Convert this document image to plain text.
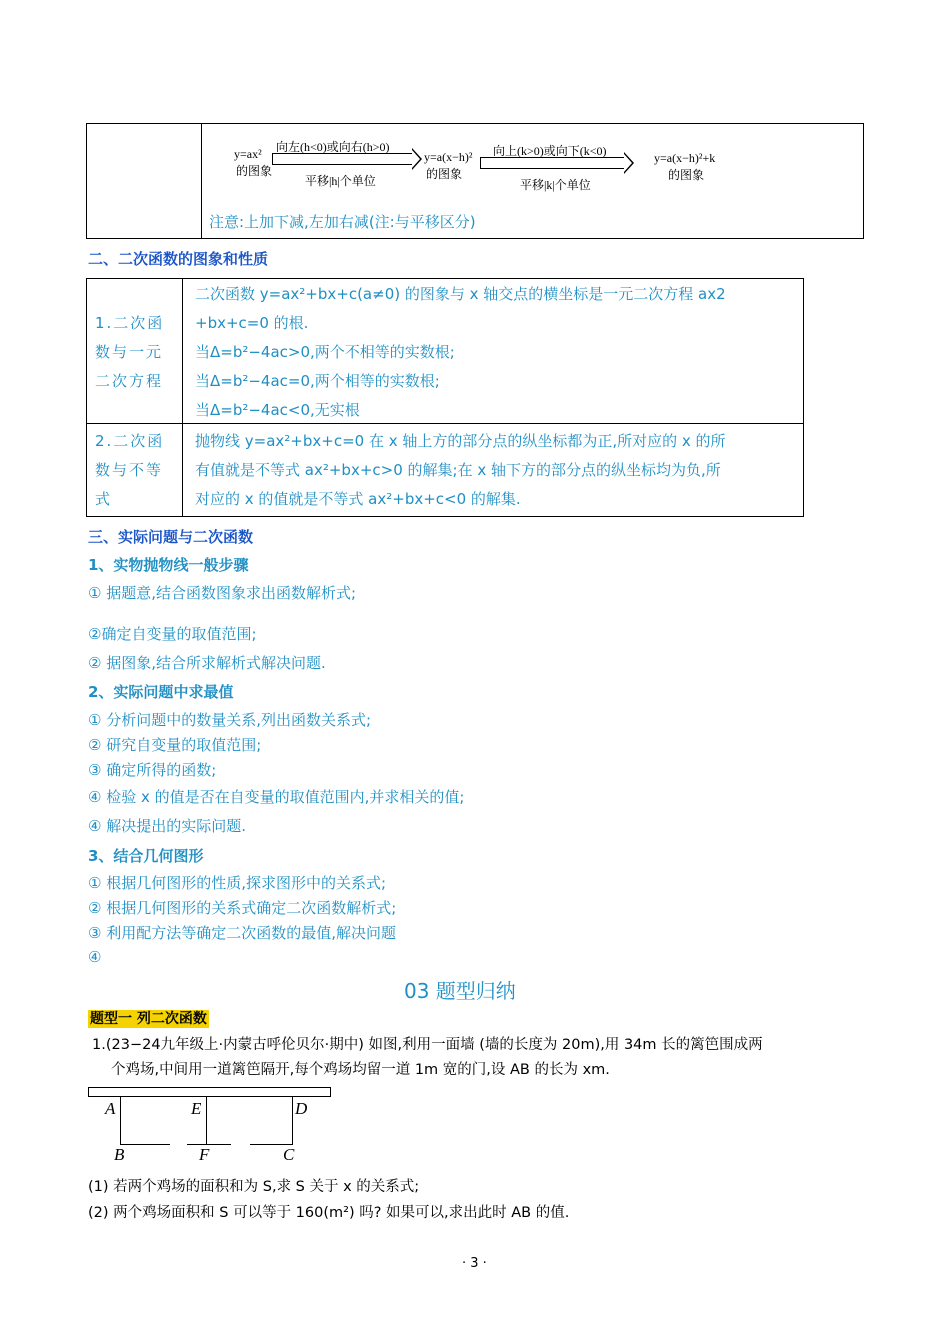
y=ax²
的图象
向左(h<0)或向右(h>0)
平移|h|个单位
y=a(x−h)²
的图象
向上(k>0)或向下(k<0)
平移|k|个单位
y=a(x−h)²+k
的图象
注意:上加下减,左加右减(注:与平移区分)
二、二次函数的图象和性质
1.二次函
数与一元
二次方程
二次函数 y=ax²+bx+c(a≠0) 的图象与 x 轴交点的横坐标是一元二次方程 ax2
+bx+c=0 的根.
当Δ=b²−4ac>0,两个不相等的实数根;
当Δ=b²−4ac=0,两个相等的实数根;
当Δ=b²−4ac<0,无实根
2.二次函
数与不等
式
抛物线 y=ax²+bx+c=0 在 x 轴上方的部分点的纵坐标都为正,所对应的 x 的所
有值就是不等式 ax²+bx+c>0 的解集;在 x 轴下方的部分点的纵坐标均为负,所
对应的 x 的值就是不等式 ax²+bx+c<0 的解集.
三、实际问题与二次函数
1、实物抛物线一般步骤
① 据题意,结合函数图象求出函数解析式;
②确定自变量的取值范围;
② 据图象,结合所求解析式解决问题.
2、实际问题中求最值
① 分析问题中的数量关系,列出函数关系式;
② 研究自变量的取值范围;
③ 确定所得的函数;
④ 检验 x 的值是否在自变量的取值范围内,并求相关的值;
④ 解决提出的实际问题.
3、结合几何图形
① 根据几何图形的性质,探求图形中的关系式;
② 根据几何图形的关系式确定二次函数解析式;
③ 利用配方法等确定二次函数的最值,解决问题
④
03 题型归纳
题型一 列二次函数
1.(23−24九年级上·内蒙古呼伦贝尔·期中) 如图,利用一面墙 (墙的长度为 20m),用 34m 长的篱笆围成两
个鸡场,中间用一道篱笆隔开,每个鸡场均留一道 1m 宽的门,设 AB 的长为 xm.
A	E	D
B	F	C
(1) 若两个鸡场的面积和为 S,求 S 关于 x 的关系式;
(2) 两个鸡场面积和 S 可以等于 160(m²) 吗? 如果可以,求出此时 AB 的值.
· 3 ·
